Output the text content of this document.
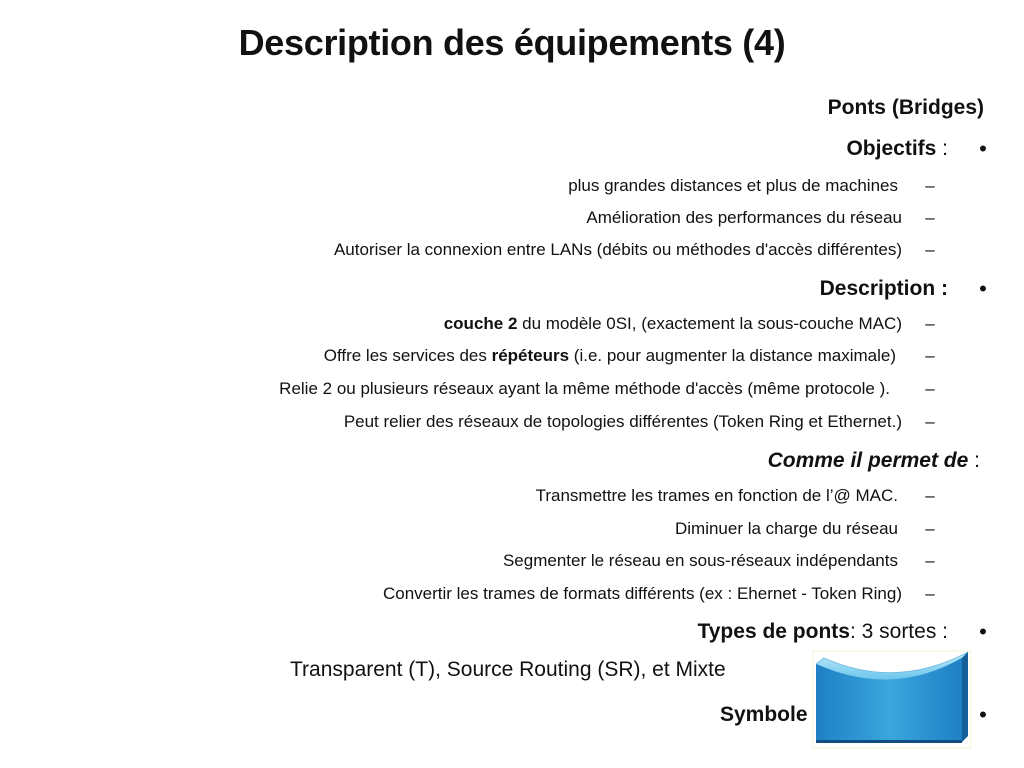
Description des équipements (4)
Ponts (Bridges)
Objectifs : •
plus grandes distances et plus de machines	–
Amélioration des performances du réseau	–
Autoriser la connexion entre LANs (débits ou méthodes d'accès différentes)	–
Description : •
couche 2 du modèle 0SI, (exactement la sous-couche MAC)	–
Offre les services des répéteurs (i.e. pour augmenter la distance maximale)	–
Relie 2 ou plusieurs réseaux ayant la même méthode d'accès (même protocole ).	–
Peut relier des réseaux de topologies différentes (Token Ring et Ethernet.)	–
Comme il permet de :
Transmettre les trames en fonction de l’@ MAC.	–
Diminuer la charge du réseau	–
Segmenter le réseau en sous-réseaux indépendants	–
Convertir les trames de formats différents (ex : Ehernet - Token Ring)	–
Types de ponts: 3 sortes : •
Transparent (T), Source Routing (SR), et Mixte
Symbole	•
